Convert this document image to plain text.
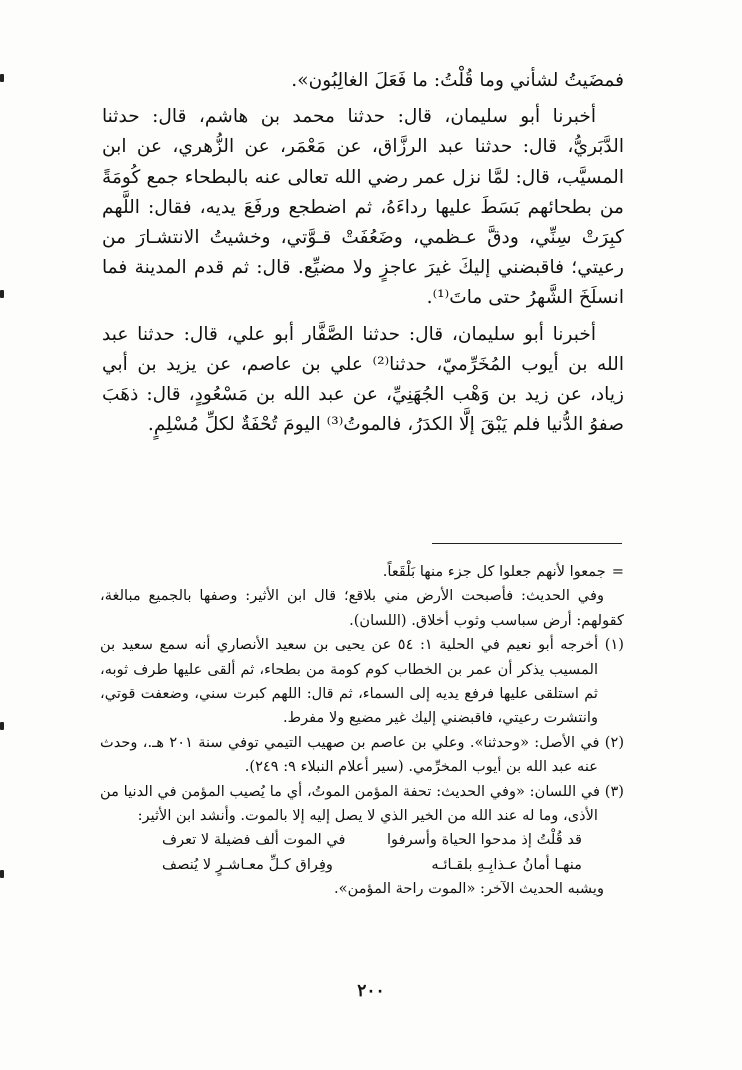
فمضَيتُ لشأني وما قُلْتُ: ما فَعَلَ الغالِبُون».

أخبرنا أبو سليمان، قال: حدثنا محمد بن هاشم، قال: حدثنا الدَّبَريُّ، قال: حدثنا عبد الرزَّاق، عن مَعْمَر، عن الزُّهري، عن ابن المسيَّب، قال: لمَّا نزل عمر رضي الله تعالى عنه بالبطحاء جمع كُومَةً من بطحائهم بَسَطَ عليها رداءَهُ، ثم اضطجع ورفَعَ يديه، فقال: اللَّهم كبِرَتْ سِنِّي، ودقَّ عـظمي، وضَعُفَتْ قـوَّتي، وخشيتُ الانتشـارَ من رعيتي؛ فاقبضني إليكَ غيرَ عاجزٍ ولا مضيِّع. قال: ثم قدم المدينة فما انسلَخَ الشَّهرُ حتى ماتَ⁽¹⁾.

أخبرنا أبو سليمان، قال: حدثنا الصَّفَّار أبو علي، قال: حدثنا عبد الله بن أيوب المُخَرِّميّ، حدثنا⁽²⁾ علي بن عاصم، عن يزيد بن أبي زياد، عن زيد بن وَهْب الجُهَنِيِّ، عن عبد الله بن مَسْعُودٍ، قال: ذهَبَ صفوُ الدُّنيا فلم يَبْقَ إلَّا الكدَرُ، فالموتُ⁽³⁾ اليومَ تُحْفَةٌ لكلِّ مُسْلِمٍ.

=جمعوا لأنهم جعلوا كل جزء منها بَلْقَعاً.

وفي الحديث: فأصبحت الأرض مني بلاقع؛ قال ابن الأثير: وصفها بالجميع مبالغة، كقولهم: أرض سباسب وثوب أخلاق. (اللسان).

(١) أخرجه أبو نعيم في الحلية ١: ٥٤ عن يحيى بن سعيد الأنصاري أنه سمع سعيد بن المسيب يذكر أن عمر بن الخطاب كوم كومة من بطحاء، ثم ألقى عليها طرف ثوبه، ثم استلقى عليها فرفع يديه إلى السماء، ثم قال: اللهم كبرت سني، وضعفت قوتي، وانتشرت رعيتي، فاقبضني إليك غير مضيع ولا مفرط.

(٢) في الأصل: «وحدثنا». وعلي بن عاصم بن صهيب التيمي توفي سنة ٢٠١ هـ.، وحدث عنه عبد الله بن أيوب المخرِّمي. (سير أعلام النبلاء ٩: ٢٤٩).

(٣) في اللسان: «وفي الحديث: تحفة المؤمن الموتُ، أي ما يُصيب المؤمن في الدنيا من الأذى، وما له عند الله من الخير الذي لا يصل إليه إلا بالموت. وأنشد ابن الأثير:

قد قُلْتُ إذ مدحوا الحياة وأسرفوا
في الموت ألف فضيلة لا تعرف
منهـا أمانُ عـذابِـهِ بلقـائـه
وفِراق كـلِّ معـاشـرٍ لا يُنصف

ويشبه الحديث الآخر: «الموت راحة المؤمن».

٢٠٠
